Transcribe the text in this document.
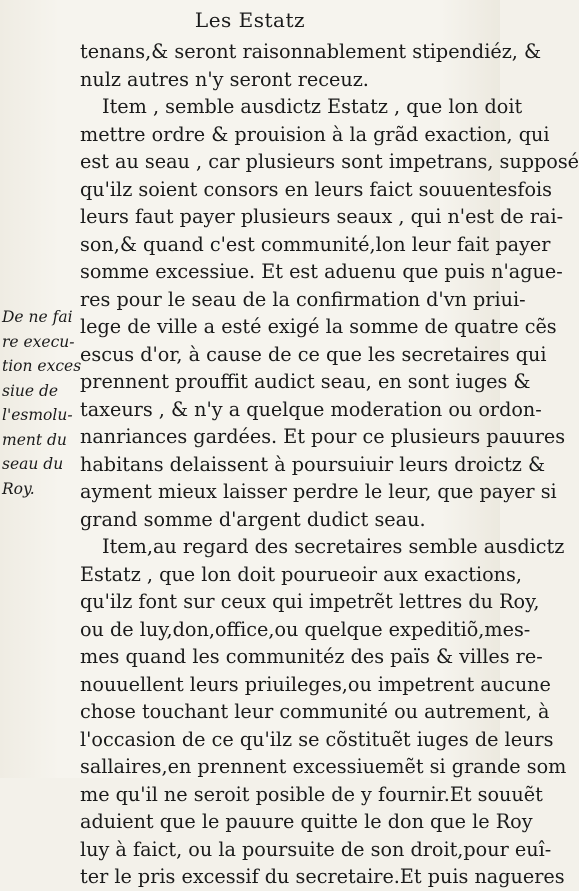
Les Estatz
De ne fai
re execu-
tion exces
siue de
l'esmolu-
ment du
seau du
Roy.
tenans,& seront raisonnablement stipendiéz, &
nulz autres n'y seront receuz.
Item , semble ausdictz Estatz , que lon doit
mettre ordre & prouision à la grãd exaction, qui
est au seau , car plusieurs sont impetrans, supposé
qu'ilz soient consors en leurs faict souuentesfois
leurs faut payer plusieurs seaux , qui n'est de rai-
son,& quand c'est communité,lon leur fait payer
somme excessiue. Et est aduenu que puis n'ague-
res pour le seau de la confirmation d'vn priui-
lege de ville a esté exigé la somme de quatre cẽs
escus d'or, à cause de ce que les secretaires qui
prennent prouffit audict seau, en sont iuges &
taxeurs , & n'y a quelque moderation ou ordon-
nanriances gardées. Et pour ce plusieurs pauures
habitans delaissent à poursuiuir leurs droictz &
ayment mieux laisser perdre le leur, que payer si
grand somme d'argent dudict seau.
Item,au regard des secretaires semble ausdictz
Estatz , que lon doit pourueoir aux exactions,
qu'ilz font sur ceux qui impetrẽt lettres du Roy,
ou de luy,don,office,ou quelque expeditiõ,mes-
mes quand les communitéz des païs & villes re-
nouuellent leurs priuileges,ou impetrent aucune
chose touchant leur communité ou autrement, à
l'occasion de ce qu'ilz se cõstituẽt iuges de leurs
sallaires,en prennent excessiuemẽt si grande som
me qu'il ne seroit posible de y fournir.Et souuẽt
aduient que le pauure quitte le don que le Roy
luy à faict, ou la poursuite de son droit,pour euî-
ter le pris excessif du secretaire.Et puis nagueres
